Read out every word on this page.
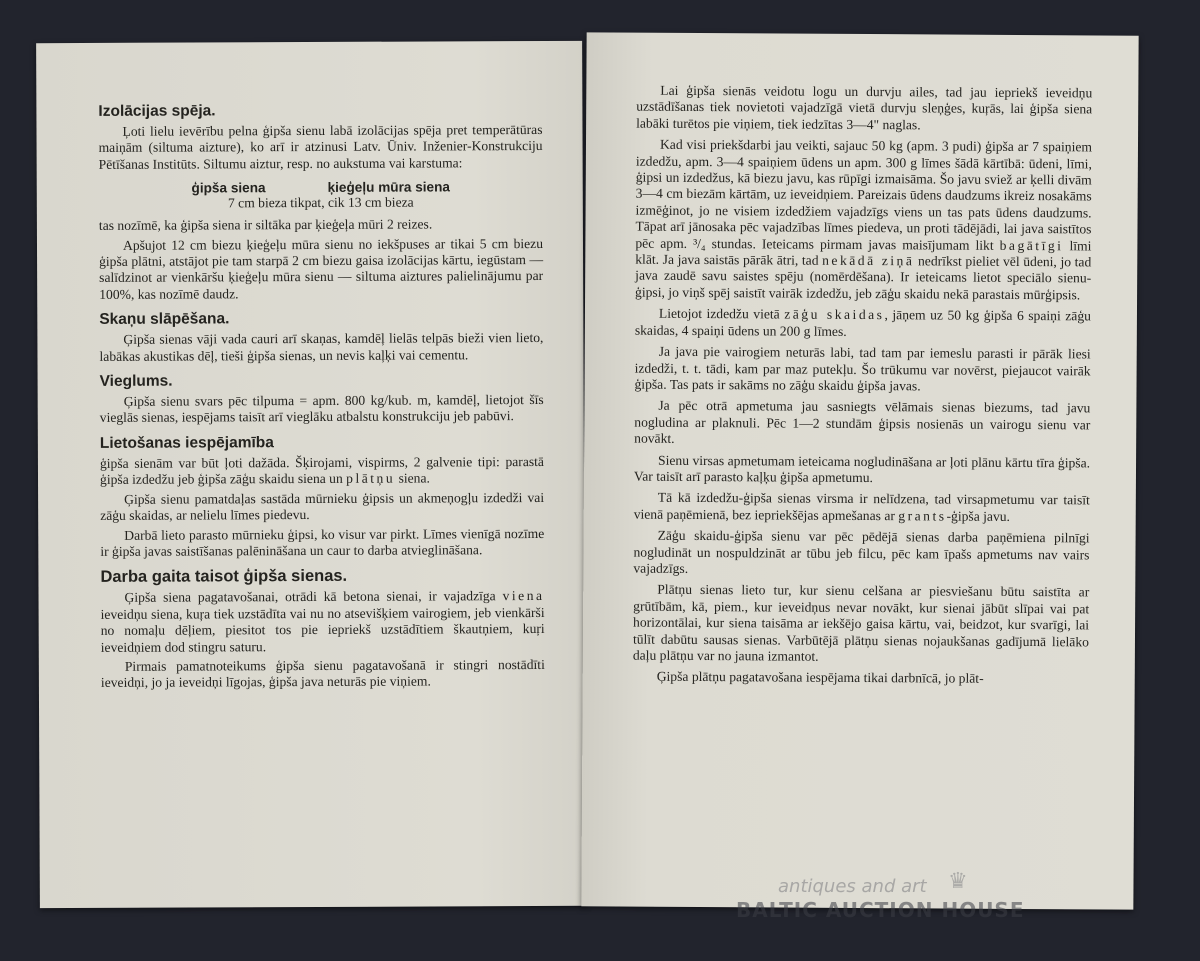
Izolācijas spēja.

Ļoti lielu ievērību pelna ģipša sienu labā izolācijas spēja pret temperātūras maiņām (siltuma aizture), ko arī ir atzinusi Latv. Ūniv. Inženier-Konstrukciju Pētīšanas Institūts. Siltumu aiztur, resp. no aukstuma vai karstuma:

ģipša siena	ķieģeļu mūra siena
7 cm bieza tikpat, cik 13 cm bieza

tas nozīmē, ka ģipša siena ir siltāka par ķieģeļa mūri 2 reizes.

Apšujot 12 cm biezu ķieģeļu mūra sienu no iekšpuses ar tikai 5 cm biezu ģipša plātni, atstājot pie tam starpā 2 cm biezu gaisa izolācijas kārtu, iegūstam — salīdzinot ar vienkāršu ķieģeļu mūra sienu — siltuma aiztures palielinājumu par 100%, kas nozīmē daudz.

Skaņu slāpēšana.

Ģipša sienas vāji vada cauri arī skaņas, kamdēļ lielās telpās bieži vien lieto, labākas akustikas dēļ, tieši ģipša sienas, un nevis kaļķi vai cementu.

Vieglums.

Ģipša sienu svars pēc tilpuma = apm. 800 kg/kub. m, kamdēļ, lietojot šīs vieglās sienas, iespējams taisīt arī vieglāku atbalstu konstrukciju jeb pabūvi.

Lietošanas iespējamība

ģipša sienām var būt ļoti dažāda. Šķirojami, vispirms, 2 galvenie tipi: parastā ģipša izdedžu jeb ģipša zāģu skaidu siena un plātņu siena.

Ģipša sienu pamatdaļas sastāda mūrnieku ģipsis un akmeņogļu izdedži vai zāģu skaidas, ar nelielu līmes piedevu.

Darbā lieto parasto mūrnieku ģipsi, ko visur var pirkt. Līmes vienīgā nozīme ir ģipša javas saistīšanas palēnināšana un caur to darba atvieglināšana.

Darba gaita taisot ģipša sienas.

Ģipša siena pagatavošanai, otrādi kā betona sienai, ir vajadzīga viena ieveidņu siena, kuŗa tiek uzstādīta vai nu no atsevišķiem vairogiem, jeb vienkārši no nomaļu dēļiem, piesitot tos pie iepriekš uzstādītiem škautņiem, kuŗi ieveidņiem dod stingru saturu.

Pirmais pamatnoteikums ģipša sienu pagatavošanā ir stingri nostādīti ieveidņi, jo ja ieveidņi līgojas, ģipša java neturās pie viņiem.

Lai ģipša sienās veidotu logu un durvju ailes, tad jau iepriekš ieveidņu uzstādīšanas tiek novietoti vajadzīgā vietā durvju sleņģes, kuŗās, lai ģipša siena labāki turētos pie viņiem, tiek iedzītas 3—4" naglas.

Kad visi priekšdarbi jau veikti, sajauc 50 kg (apm. 3 pudi) ģipša ar 7 spaiņiem izdedžu, apm. 3—4 spaiņiem ūdens un apm. 300 g līmes šādā kārtībā: ūdeni, līmi, ģipsi un izdedžus, kā biezu javu, kas rūpīgi izmaisāma. Šo javu sviež ar ķelli divām 3—4 cm biezām kārtām, uz ieveidņiem. Pareizais ūdens daudzums ikreiz nosakāms izmēģinot, jo ne visiem izdedžiem vajadzīgs viens un tas pats ūdens daudzums. Tāpat arī jānosaka pēc vajadzības līmes piedeva, un proti tādējādi, lai java saistītos pēc apm. ³/₄ stundas. Ieteicams pirmam javas maisījumam likt bagātīgi līmi klāt. Ja java saistās pārāk ātri, tad nekādā ziņā nedrīkst pieliet vēl ūdeni, jo tad java zaudē savu saistes spēju (nomērdēšana). Ir ieteicams lietot speciālo sienu-ģipsi, jo viņš spēj saistīt vairāk izdedžu, jeb zāģu skaidu nekā parastais mūrģipsis.

Lietojot izdedžu vietā zāģu skaidas, jāņem uz 50 kg ģipša 6 spaiņi zāģu skaidas, 4 spaiņi ūdens un 200 g līmes.

Ja java pie vairogiem neturās labi, tad tam par iemeslu parasti ir pārāk liesi izdedži, t. t. tādi, kam par maz putekļu. Šo trūkumu var novērst, piejaucot vairāk ģipša. Tas pats ir sakāms no zāģu skaidu ģipša javas.

Ja pēc otrā apmetuma jau sasniegts vēlāmais sienas biezums, tad javu nogludina ar plaknuli. Pēc 1—2 stundām ģipsis nosienās un vairogu sienu var novākt.

Sienu virsas apmetumam ieteicama nogludināšana ar ļoti plānu kārtu tīra ģipša. Var taisīt arī parasto kaļķu ģipša apmetumu.

Tā kā izdedžu-ģipša sienas virsma ir nelīdzena, tad virsapmetumu var taisīt vienā paņēmienā, bez iepriekšējas apmešanas ar grants-ģipša javu.

Zāģu skaidu-ģipša sienu var pēc pēdējā sienas darba paņēmiena pilnīgi nogludināt un nospuldzināt ar tūbu jeb filcu, pēc kam īpašs apmetums nav vairs vajadzīgs.

Plātņu sienas lieto tur, kur sienu celšana ar piesviešanu būtu saistīta ar grūtībām, kā, piem., kur ieveidņus nevar novākt, kur sienai jābūt slīpai vai pat horizontālai, kur siena taisāma ar iekšējo gaisa kārtu, vai, beidzot, kur svarīgi, lai tūlīt dabūtu sausas sienas. Varbūtējā plātņu sienas nojaukšanas gadījumā lielāko daļu plātņu var no jauna izmantot.

Ģipša plātņu pagatavošana iespējama tikai darbnīcā, jo plāt-

antiques and art ♛
BALTIC AUCTION HOUSE
